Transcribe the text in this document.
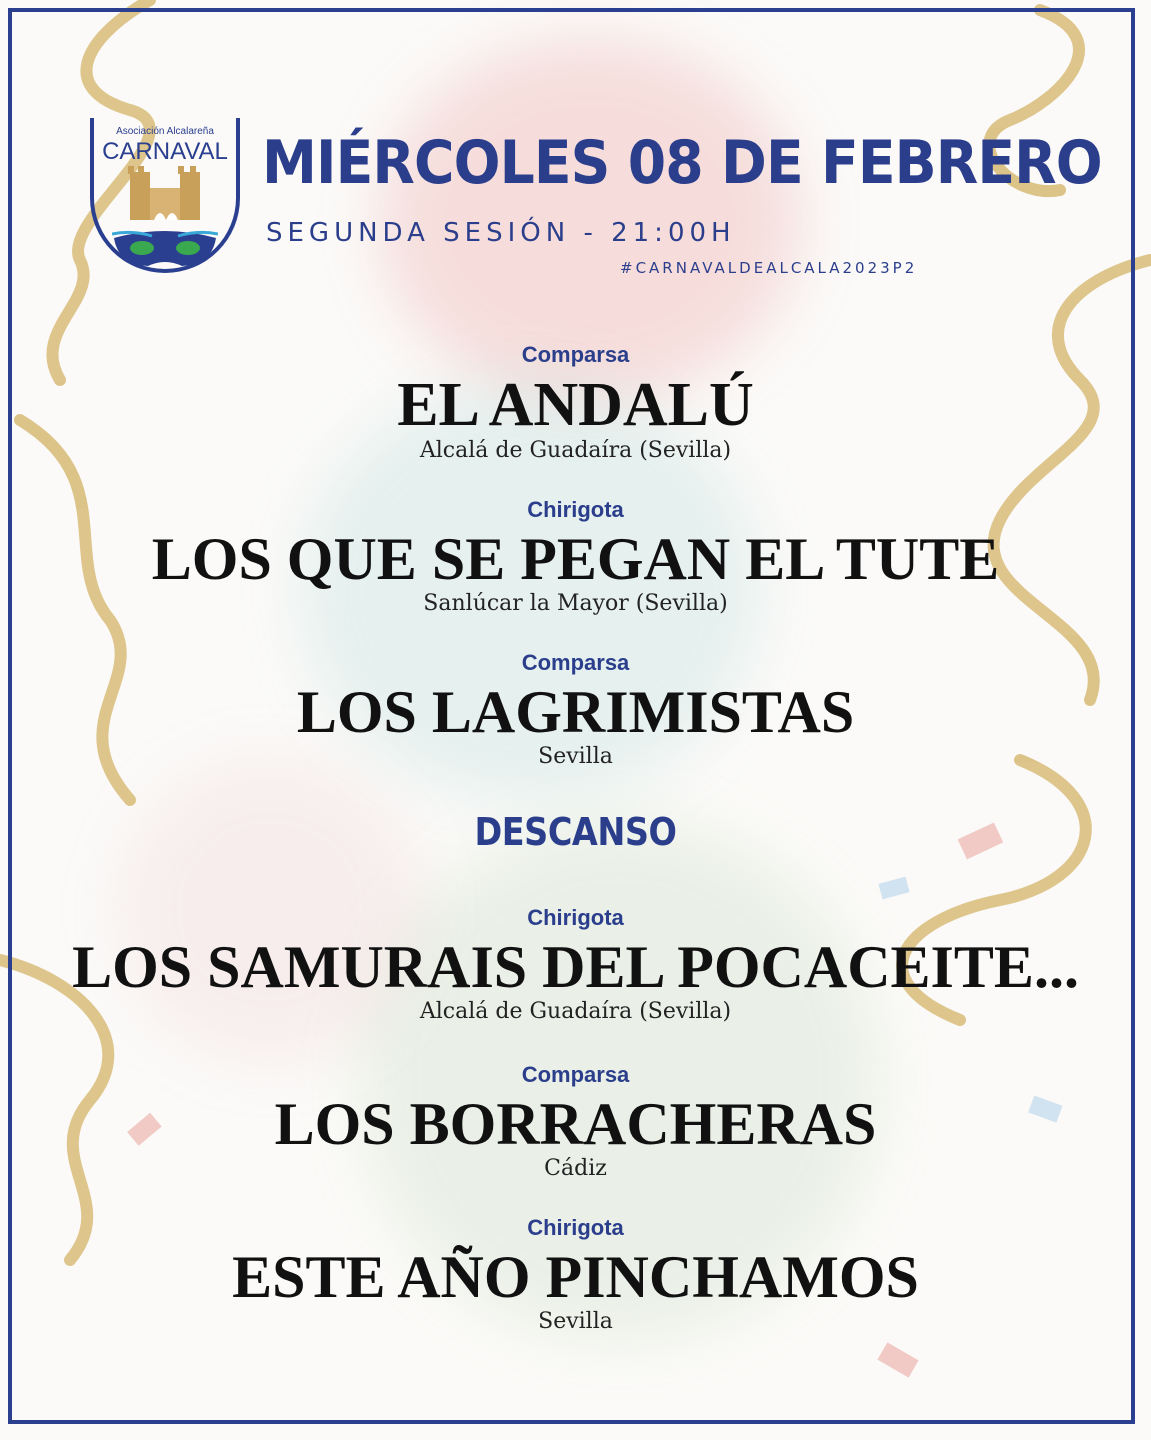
Asociación Alcalareña
CARNAVAL MIÉRCOLES 08 DE FEBRERO
SEGUNDA SESIÓN - 21:00H
#CARNAVALDEALCALA2023P2
Comparsa
EL ANDALÚ
Alcalá de Guadaíra (Sevilla)
Chirigota
LOS QUE SE PEGAN EL TUTE
Sanlúcar la Mayor (Sevilla)
Comparsa
LOS LAGRIMISTAS
Sevilla
DESCANSO
Chirigota
LOS SAMURAIS DEL POCACEITE...
Alcalá de Guadaíra (Sevilla)
Comparsa
LOS BORRACHERAS
Cádiz
Chirigota
ESTE AÑO PINCHAMOS
Sevilla
